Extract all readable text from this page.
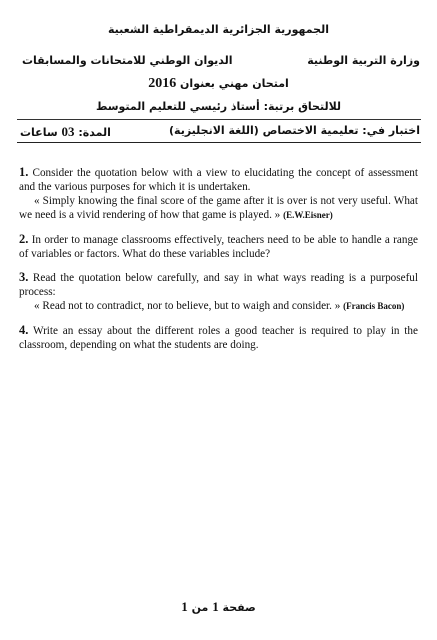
الجمهورية الجزائرية الديمقراطية الشعبية
وزارة التربية الوطنية
الديوان الوطني للامتحانات والمسابقات
امتحان مهني بعنوان 2016
للالتحاق برتبة: أستاذ رئيسي للتعليم المتوسط
اختبار في: تعليمية الاختصاص (اللغة الانجليزية)
المدة: 03 ساعات
1. Consider the quotation below with a view to elucidating the concept of assessment and the various purposes for which it is undertaken.
« Simply knowing the final score of the game after it is over is not very useful. What we need is a vivid rendering of how that game is played. » (E.W.Eisner)
2. In order to manage classrooms effectively, teachers need to be able to handle a range of variables or factors. What do these variables include?
3. Read the quotation below carefully, and say in what ways reading is a purposeful process:
« Read not to contradict, nor to believe, but to waigh and consider. » (Francis Bacon)
4. Write an essay about the different roles a good teacher is required to play in the classroom, depending on what the students are doing.
صفحة 1 من 1
